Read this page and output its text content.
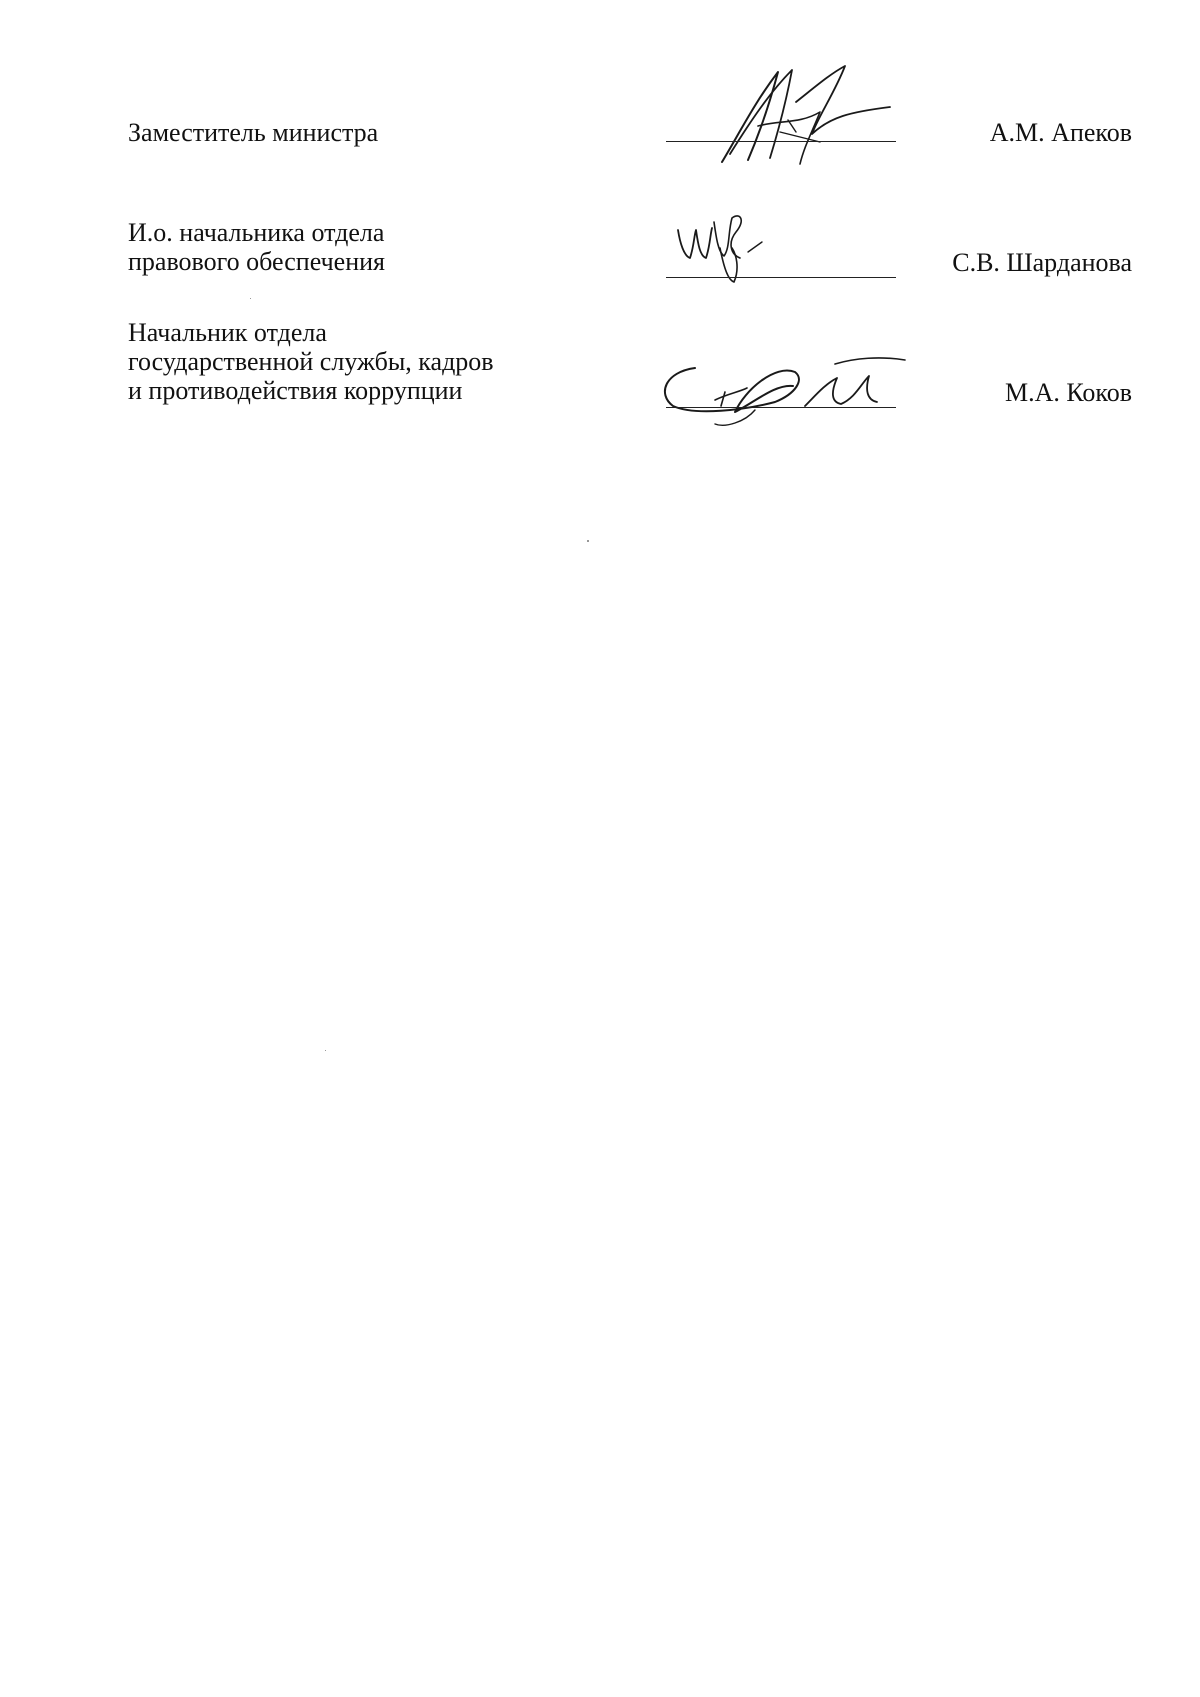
Заместитель министра	А.М. Апеков
И.о. начальника отдела
правового обеспечения	С.В. Шарданова
Начальник отдела
государственной службы, кадров
и противодействия коррупции	М.А. Коков
